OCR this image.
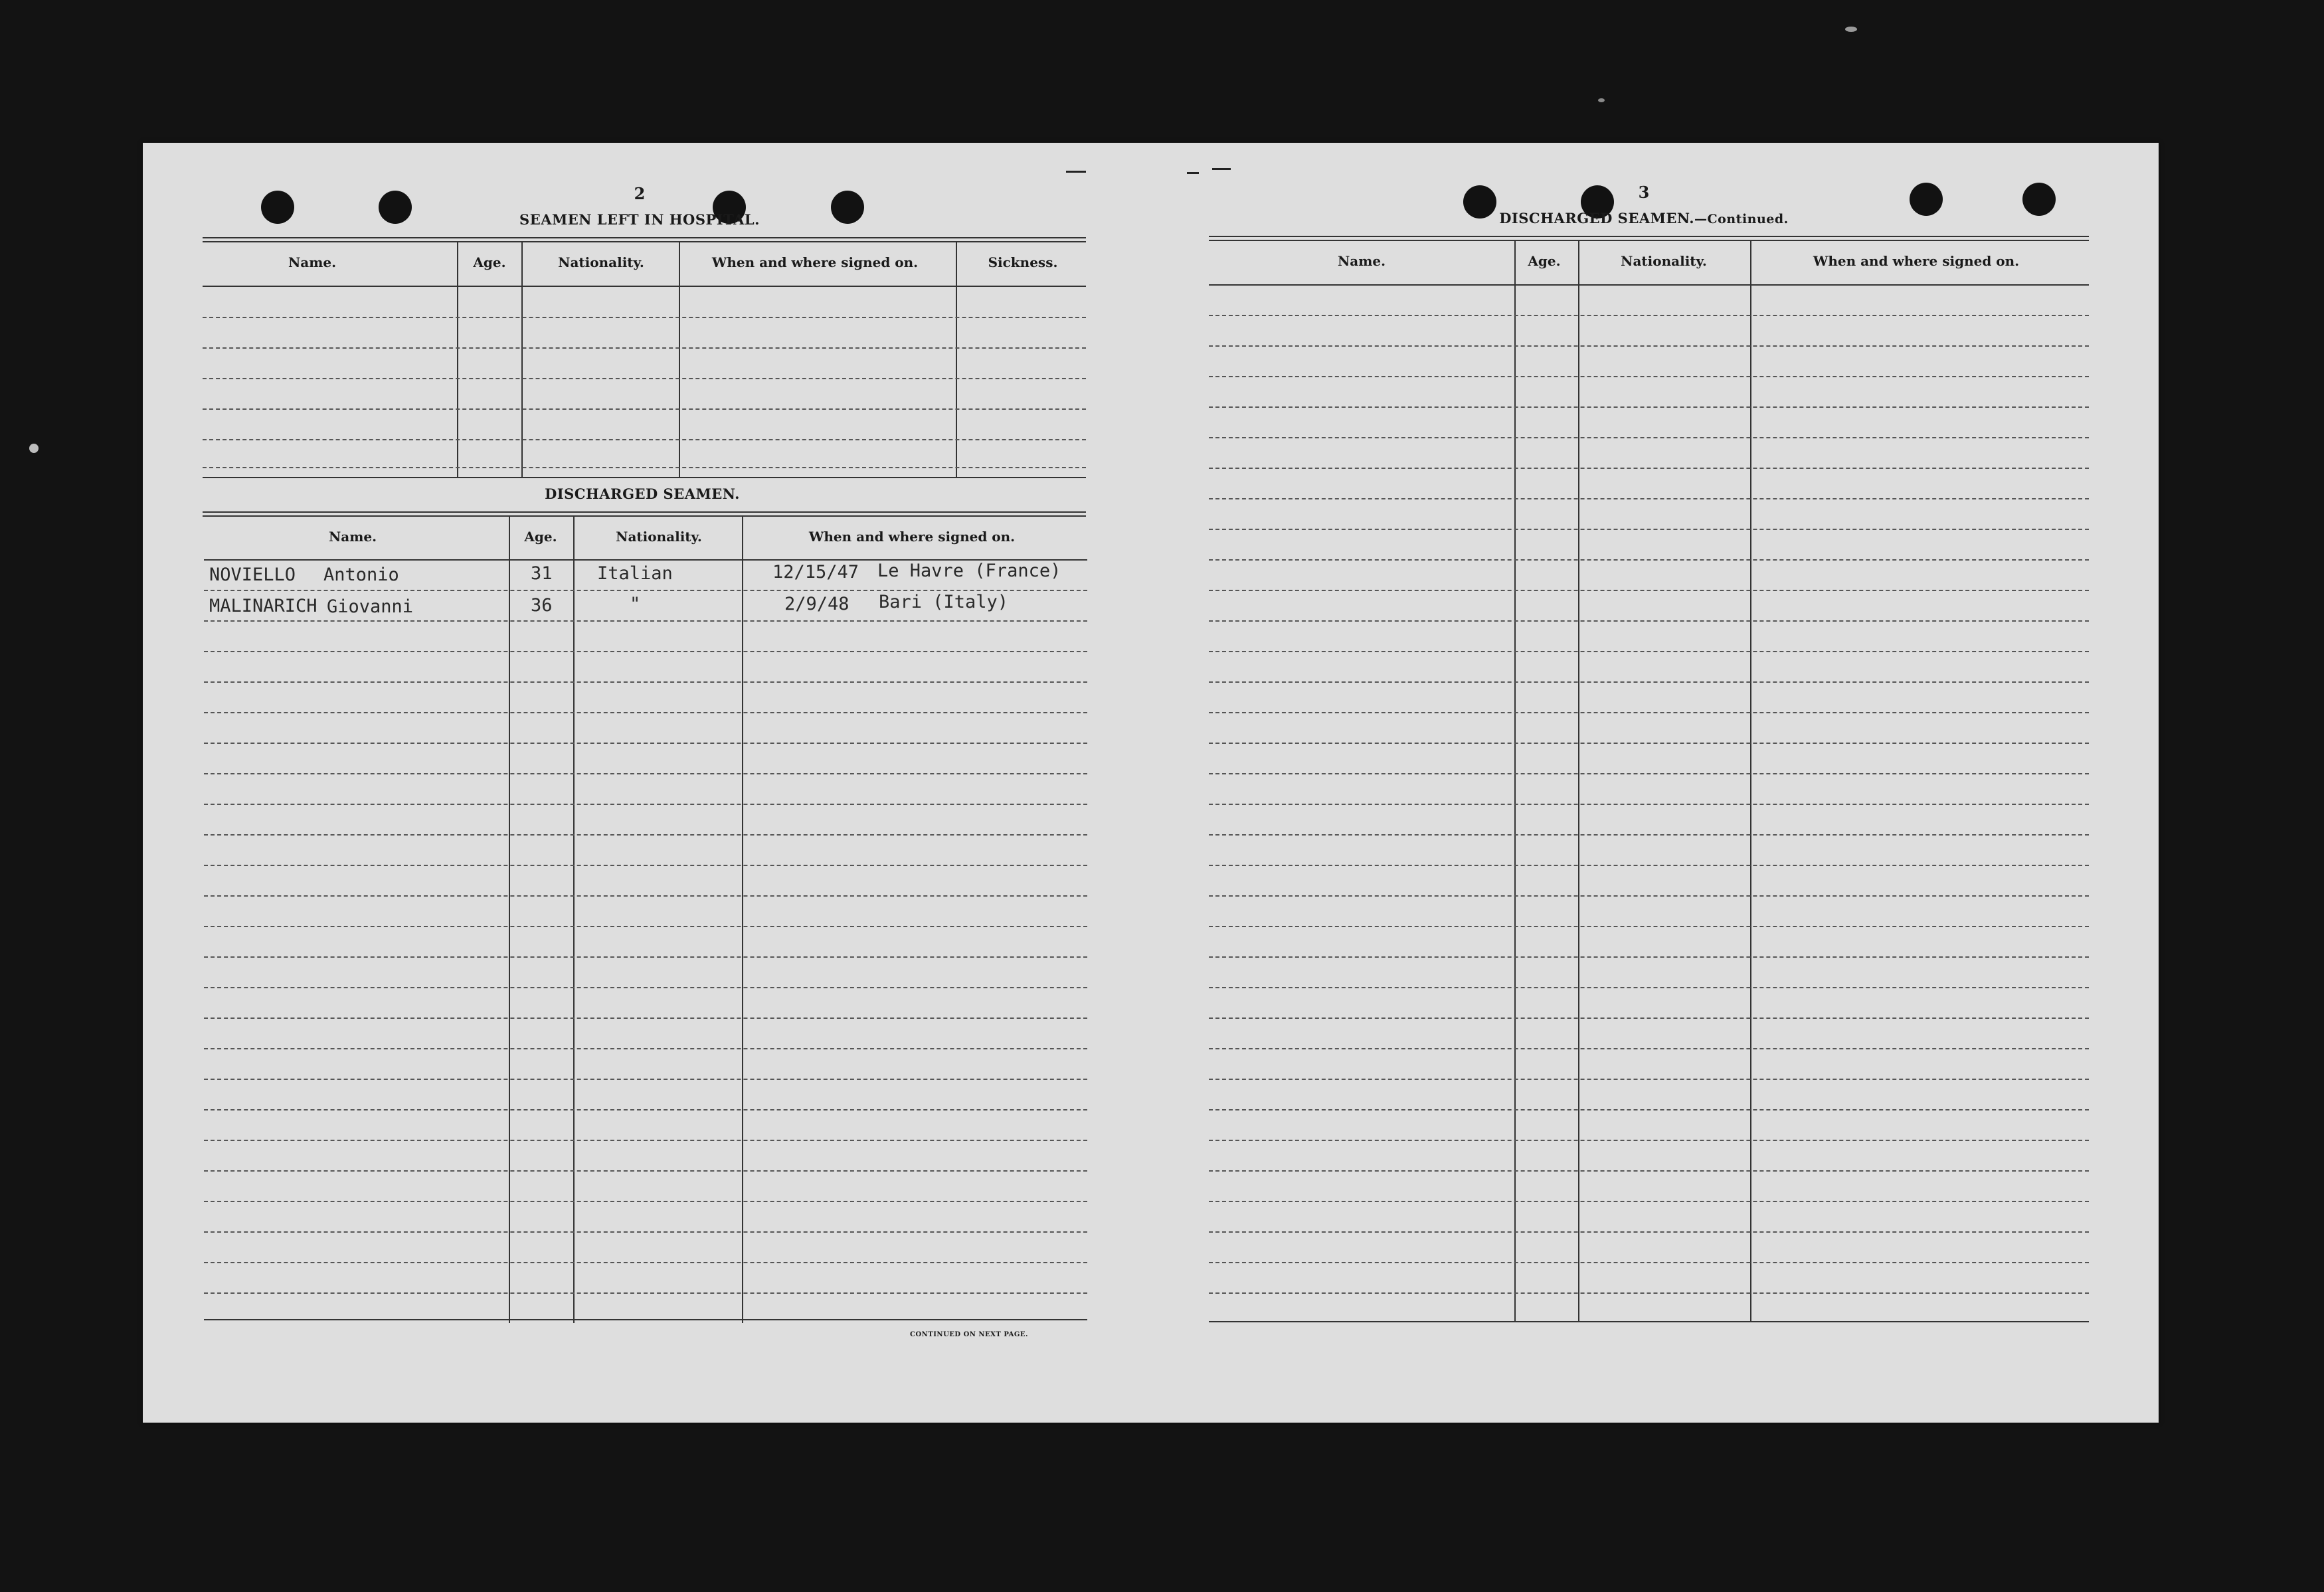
2
SEAMEN LEFT IN HOSPITAL.
Name.	Age.	Nationality.	When and where signed on.	Sickness.
DISCHARGED SEAMEN.
Name.	Age.	Nationality.	When and where signed on.
NOVIELLO Antonio	31 Italian	12/15/47 Le Havre (France)
MALINARICH Giovanni	36	"	2/9/48 Bari (Italy)
CONTINUED ON NEXT PAGE.
3
DISCHARGED SEAMEN.—Continued.
Name.	Age.	Nationality.	When and where signed on.
